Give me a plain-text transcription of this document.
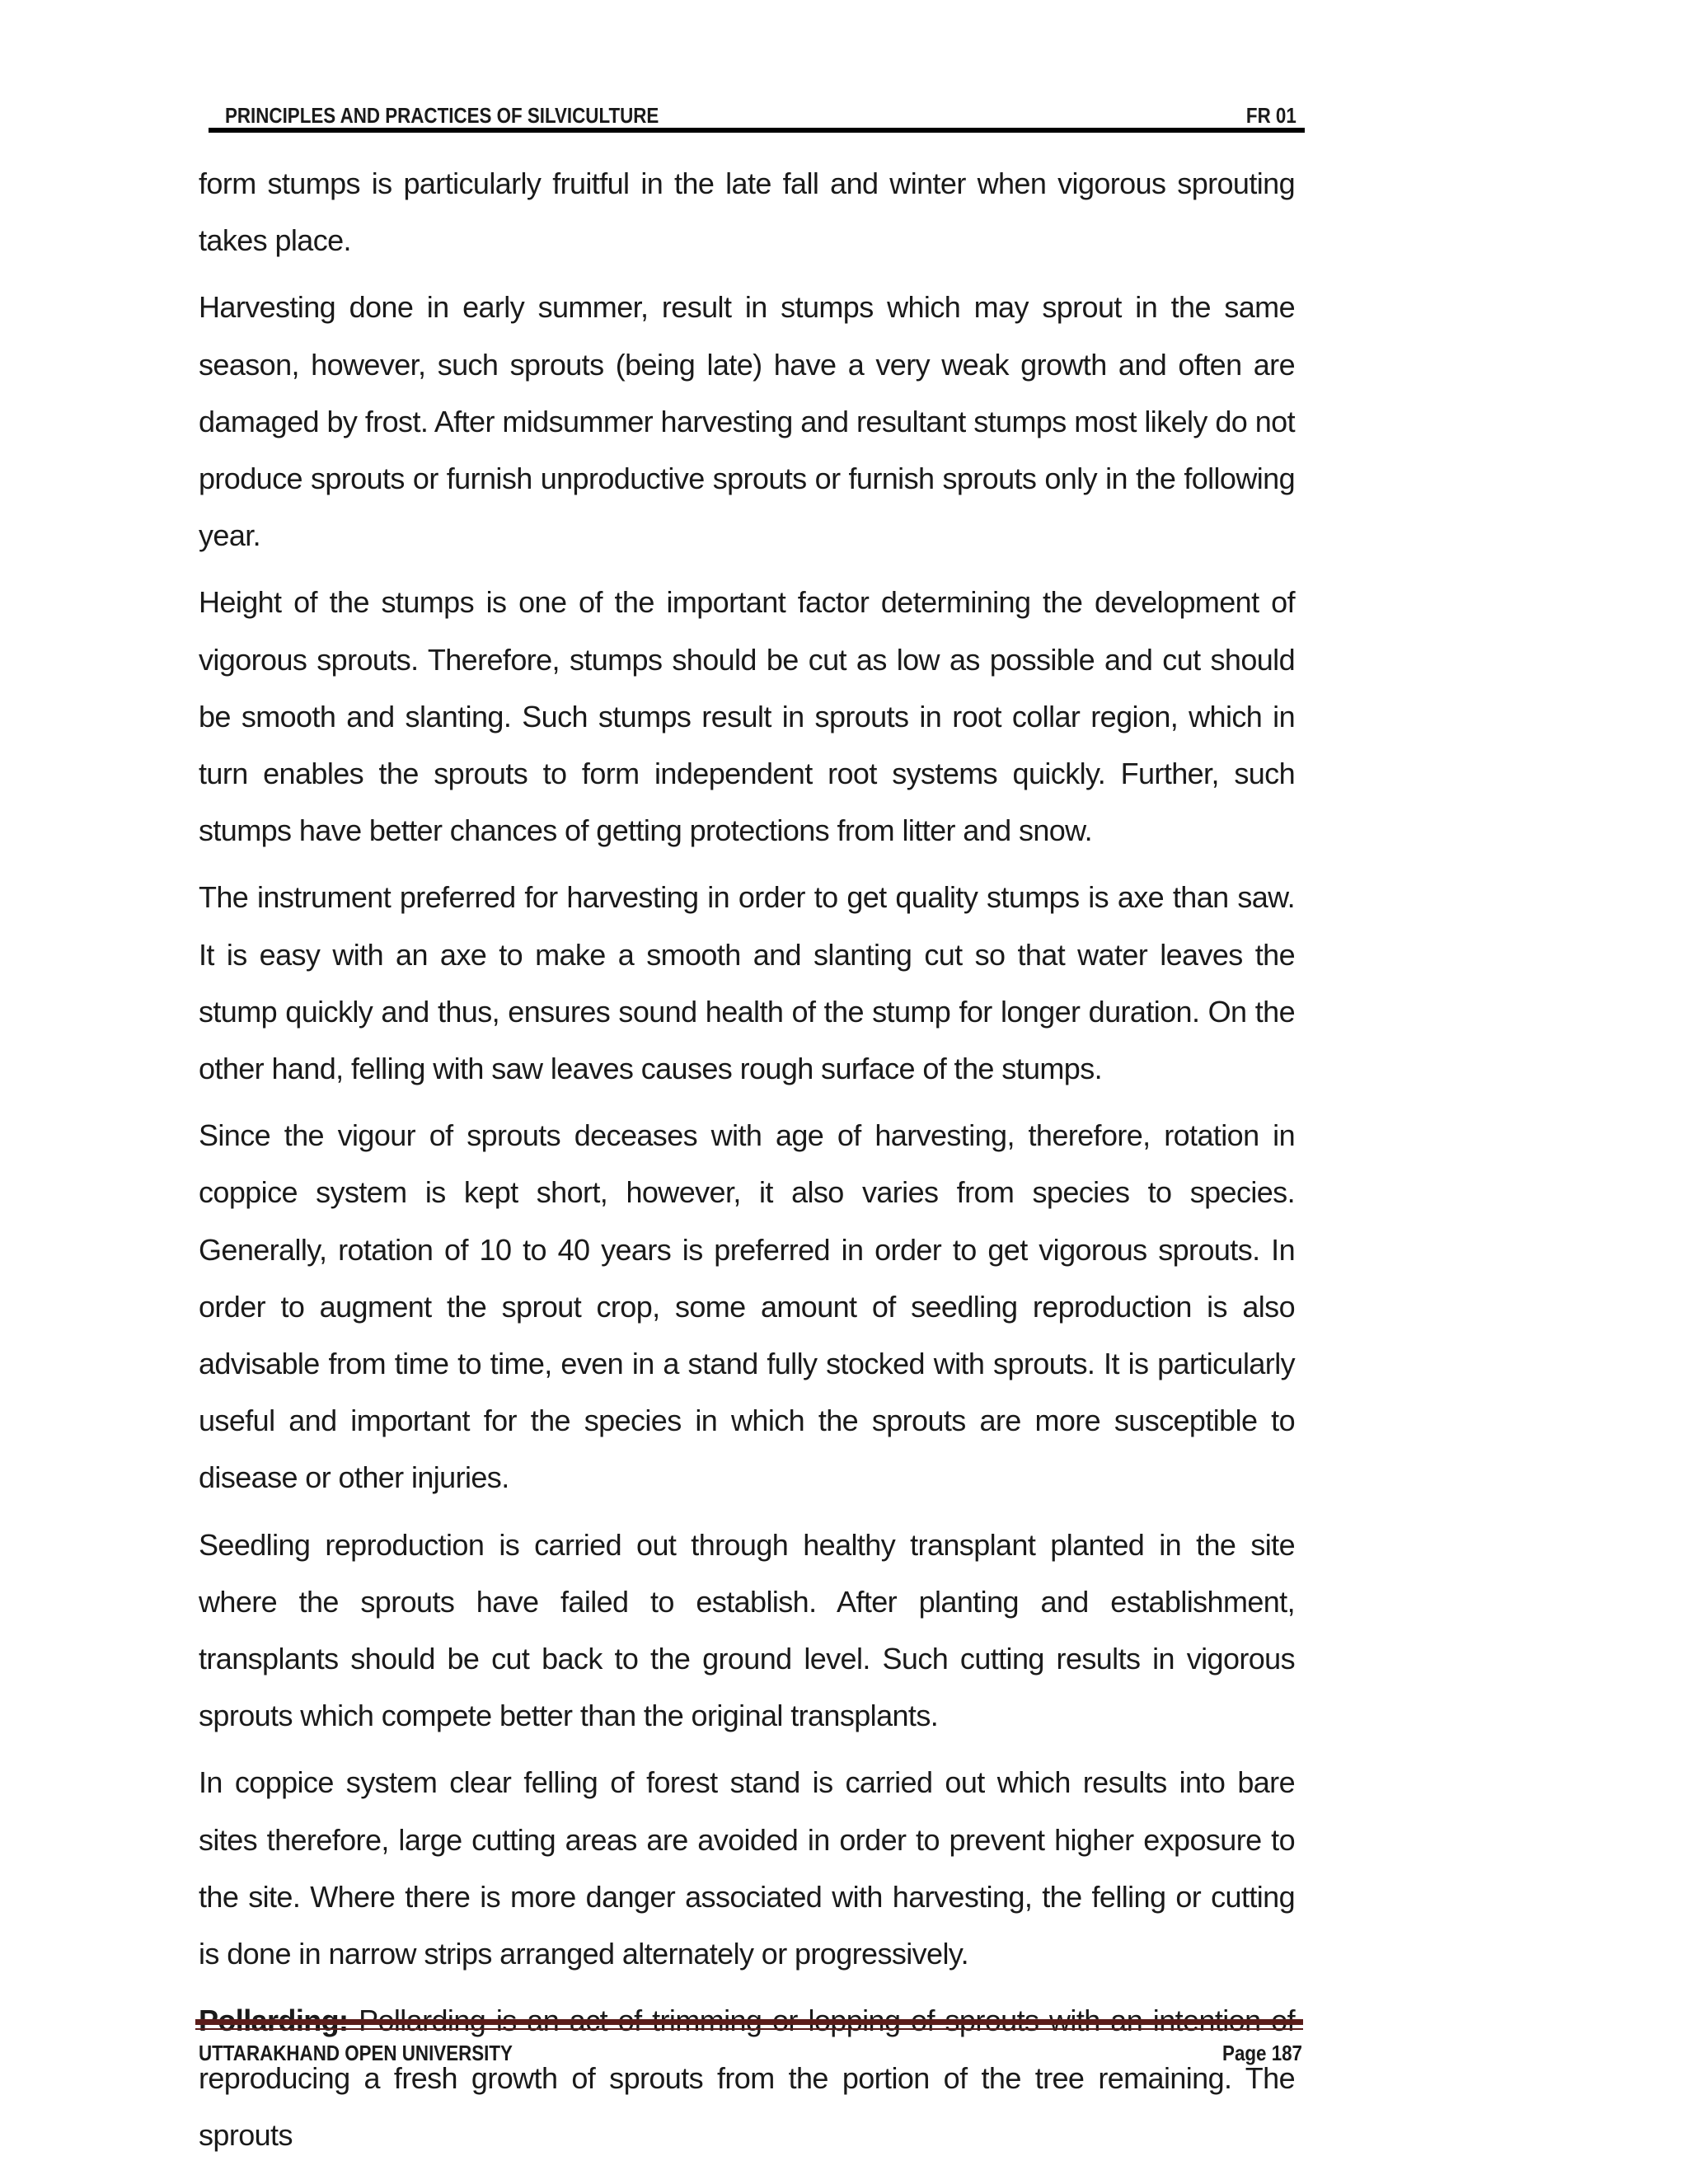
PRINCIPLES AND PRACTICES OF SILVICULTURE	FR 01

form stumps is particularly fruitful in the late fall and winter when vigorous sprouting takes place.

Harvesting done in early summer, result in stumps which may sprout in the same season, however, such sprouts (being late) have a very weak growth and often are damaged by frost. After midsummer harvesting and resultant stumps most likely do not produce sprouts or furnish unproductive sprouts or furnish sprouts only in the following year.

Height of the stumps is one of the important factor determining the development of vigorous sprouts. Therefore, stumps should be cut as low as possible and cut should be smooth and slanting. Such stumps result in sprouts in root collar region, which in turn enables the sprouts to form independent root systems quickly. Further, such stumps have better chances of getting protections from litter and snow.

The instrument preferred for harvesting in order to get quality stumps is axe than saw. It is easy with an axe to make a smooth and slanting cut so that water leaves the stump quickly and thus, ensures sound health of the stump for longer duration. On the other hand, felling with saw leaves causes rough surface of the stumps.

Since the vigour of sprouts deceases with age of harvesting, therefore, rotation in coppice system is kept short, however, it also varies from species to species. Generally, rotation of 10 to 40 years is preferred in order to get vigorous sprouts. In order to augment the sprout crop, some amount of seedling reproduction is also advisable from time to time, even in a stand fully stocked with sprouts. It is particularly useful and important for the species in which the sprouts are more susceptible to disease or other injuries.

Seedling reproduction is carried out through healthy transplant planted in the site where the sprouts have failed to establish. After planting and establishment, transplants should be cut back to the ground level. Such cutting results in vigorous sprouts which compete better than the original transplants.

In coppice system clear felling of forest stand is carried out which results into bare sites therefore, large cutting areas are avoided in order to prevent higher exposure to the site. Where there is more danger associated with harvesting, the felling or cutting is done in narrow strips arranged alternately or progressively.

reproducing a fresh growth of sprouts from the portion of the tree remaining. The sprouts

UTTARAKHAND OPEN UNIVERSITY	Page 187
